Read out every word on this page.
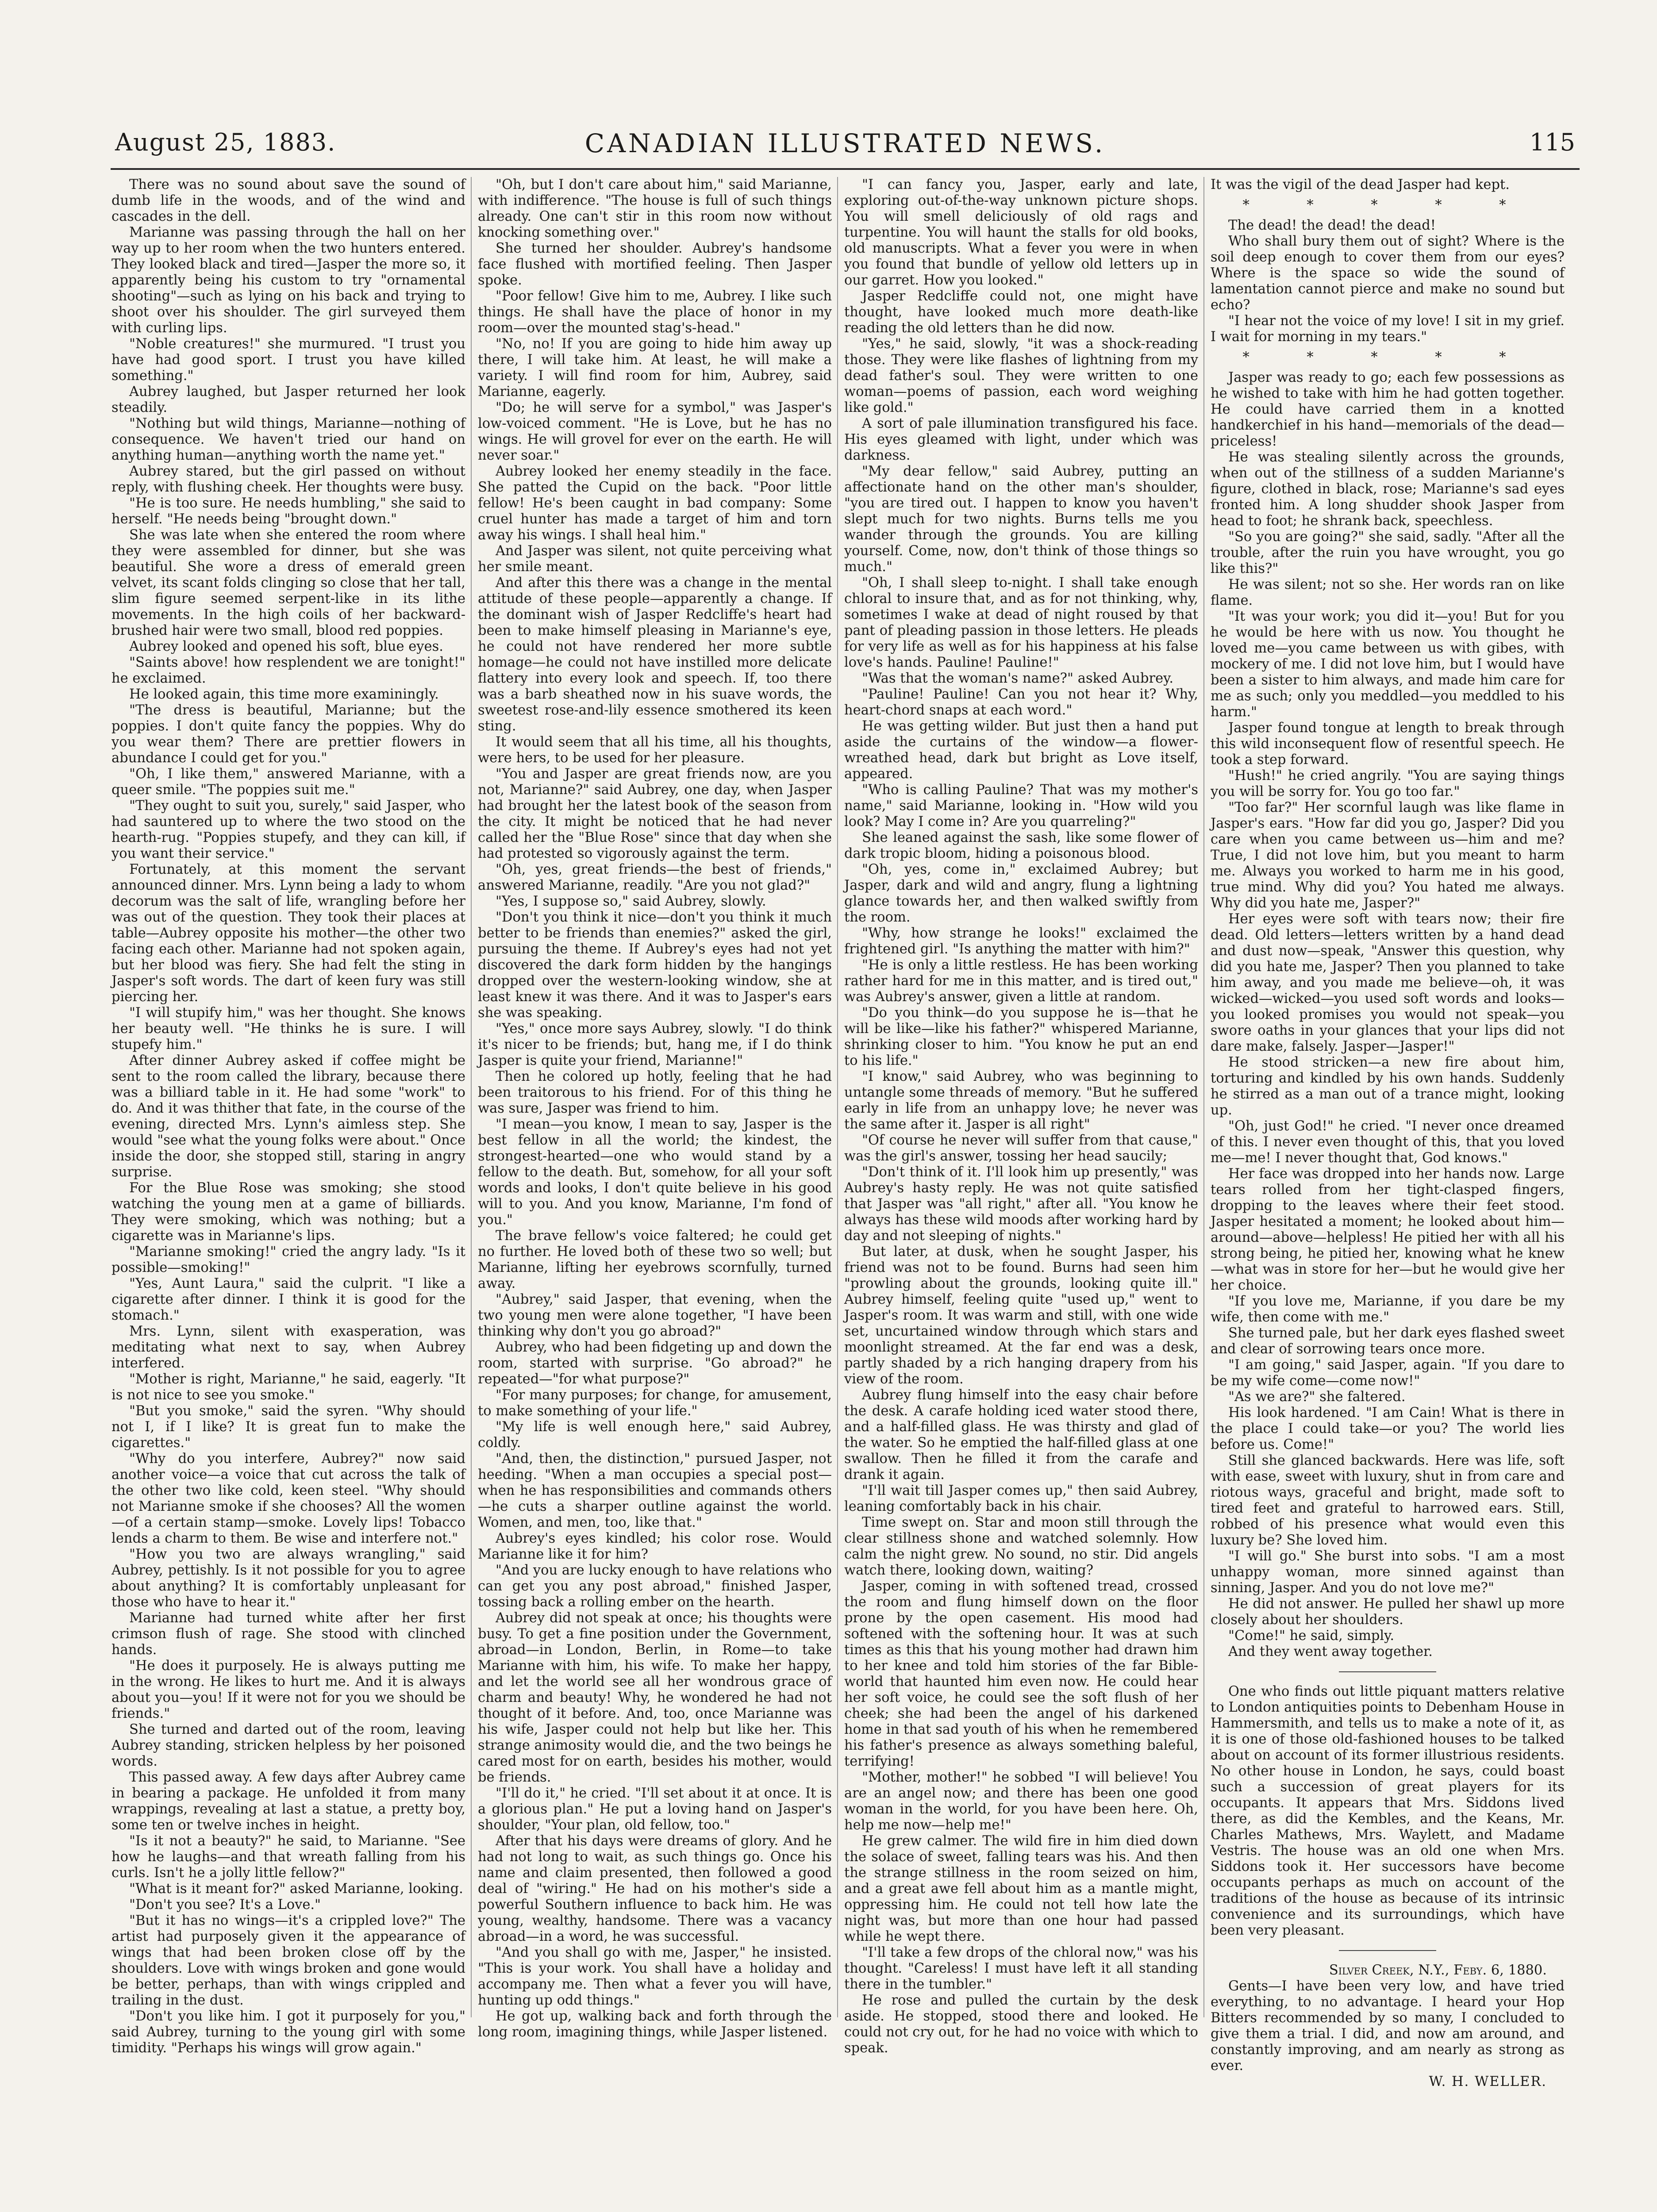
August 25, 1883.	CANADIAN ILLUSTRATED NEWS.	115

There was no sound about save the sound of dumb life in the woods, and of the wind and cascades in the dell.

Marianne was passing through the hall on her way up to her room when the two hunters entered. They looked black and tired—Jasper the more so, it apparently being his custom to try "ornamental shooting"—such as lying on his back and trying to shoot over his shoulder. The girl surveyed them with curling lips.

"Noble creatures!" she murmured. "I trust you have had good sport. I trust you have killed something."

Aubrey laughed, but Jasper returned her look steadily.

"Nothing but wild things, Marianne—nothing of consequence. We haven't tried our hand on anything human—anything worth the name yet."

Aubrey stared, but the girl passed on without reply, with flushing cheek. Her thoughts were busy.

"He is too sure. He needs humbling," she said to herself. "He needs being "brought down."

She was late when she entered the room where they were assembled for dinner, but she was beautiful. She wore a dress of emerald green velvet, its scant folds clinging so close that her tall, slim figure seemed serpent-like in its lithe movements. In the high coils of her backward-brushed hair were two small, blood red poppies.

Aubrey looked and opened his soft, blue eyes.

"Saints above! how resplendent we are tonight!" he exclaimed.

He looked again, this time more examiningly.

"The dress is beautiful, Marianne; but the poppies. I don't quite fancy the poppies. Why do you wear them? There are prettier flowers in abundance I could get for you."

"Oh, I like them," answered Marianne, with a queer smile. "The poppies suit me."

"They ought to suit you, surely," said Jasper, who had sauntered up to where the two stood on the hearth-rug. "Poppies stupefy, and they can kill, if you want their service."

Fortunately, at this moment the servant announced dinner. Mrs. Lynn being a lady to whom decorum was the salt of life, wrangling before her was out of the question. They took their places at table—Aubrey opposite his mother—the other two facing each other. Marianne had not spoken again, but her blood was fiery. She had felt the sting in Jasper's soft words. The dart of keen fury was still piercing her.

"I will stupify him," was her thought. She knows her beauty well. "He thinks he is sure. I will stupefy him."

After dinner Aubrey asked if coffee might be sent to the room called the library, because there was a billiard table in it. He had some "work" to do. And it was thither that fate, in the course of the evening, directed Mrs. Lynn's aimless step. She would "see what the young folks were about." Once inside the door, she stopped still, staring in angry surprise.

For the Blue Rose was smoking; she stood watching the young men at a game of billiards. They were smoking, which was nothing; but a cigarette was in Marianne's lips.

"Marianne smoking!" cried the angry lady. "Is it possible—smoking!"

"Yes, Aunt Laura," said the culprit. "I like a cigarette after dinner. I think it is good for the stomach."

Mrs. Lynn, silent with exasperation, was meditating what next to say, when Aubrey interfered.

"Mother is right, Marianne," he said, eagerly. "It is not nice to see you smoke."

"But you smoke," said the syren. "Why should not I, if I like? It is great fun to make the cigarettes."

"Why do you interfere, Aubrey?" now said another voice—a voice that cut across the talk of the other two like cold, keen steel. "Why should not Marianne smoke if she chooses? All the women—of a certain stamp—smoke. Lovely lips! Tobacco lends a charm to them. Be wise and interfere not."

"How you two are always wrangling," said Aubrey, pettishly. Is it not possible for you to agree about anything? It is comfortably unpleasant for those who have to hear it."

Marianne had turned white after her first crimson flush of rage. She stood with clinched hands.

"He does it purposely. He is always putting me in the wrong. He likes to hurt me. And it is always about you—you! If it were not for you we should be friends."

She turned and darted out of the room, leaving Aubrey standing, stricken helpless by her poisoned words.

This passed away. A few days after Aubrey came in bearing a package. He unfolded it from many wrappings, revealing at last a statue, a pretty boy, some ten or twelve inches in height.

"Is it not a beauty?" he said, to Marianne. "See how he laughs—and that wreath falling from his curls. Isn't he a jolly little fellow?"

"What is it meant for?" asked Marianne, looking.

"Don't you see? It's a Love."

"But it has no wings—it's a crippled love?" The artist had purposely given it the appearance of wings that had been broken close off by the shoulders. Love with wings broken and gone would be better, perhaps, than with wings crippled and trailing in the dust.

"Don't you like him. I got it purposely for you," said Aubrey, turning to the young girl with some timidity. "Perhaps his wings will grow again."

"Oh, but I don't care about him," said Marianne, with indifference. "The house is full of such things already. One can't stir in this room now without knocking something over."

She turned her shoulder. Aubrey's handsome face flushed with mortified feeling. Then Jasper spoke.

"Poor fellow! Give him to me, Aubrey. I like such things. He shall have the place of honor in my room—over the mounted stag's-head."

"No, no! If you are going to hide him away up there, I will take him. At least, he will make a variety. I will find room for him, Aubrey, said Marianne, eagerly.

"Do; he will serve for a symbol," was Jasper's low-voiced comment. "He is Love, but he has no wings. He will grovel for ever on the earth. He will never soar."

Aubrey looked her enemy steadily in the face. She patted the Cupid on the back. "Poor little fellow! He's been caught in bad company: Some cruel hunter has made a target of him and torn away his wings. I shall heal him."

And Jasper was silent, not quite perceiving what her smile meant.

And after this there was a change in the mental attitude of these people—apparently a change. If the dominant wish of Jasper Redcliffe's heart had been to make himself pleasing in Marianne's eye, he could not have rendered her more subtle homage—he could not have instilled more delicate flattery into every look and speech. If, too there was a barb sheathed now in his suave words, the sweetest rose-and-lily essence smothered its keen sting.

It would seem that all his time, all his thoughts, were hers, to be used for her pleasure.

"You and Jasper are great friends now, are you not, Marianne?" said Aubrey, one day, when Jasper had brought her the latest book of the season from the city. It might be noticed that he had never called her the "Blue Rose" since that day when she had protested so vigorously against the term.

"Oh, yes, great friends—the best of friends," answered Marianne, readily. "Are you not glad?"

"Yes, I suppose so," said Aubrey, slowly.

"Don't you think it nice—don't you think it much better to be friends than enemies?" asked the girl, pursuing the theme. If Aubrey's eyes had not yet discovered the dark form hidden by the hangings dropped over the western-looking window, she at least knew it was there. And it was to Jasper's ears she was speaking.

"Yes," once more says Aubrey, slowly. "I do think it's nicer to be friends; but, hang me, if I do think Jasper is quite your friend, Marianne!"

Then he colored up hotly, feeling that he had been traitorous to his friend. For of this thing he was sure, Jasper was friend to him.

"I mean—you know, I mean to say, Jasper is the best fellow in all the world; the kindest, the strongest-hearted—one who would stand by a fellow to the death. But, somehow, for all your soft words and looks, I don't quite believe in his good will to you. And you know, Marianne, I'm fond of you."

The brave fellow's voice faltered; he could get no further. He loved both of these two so well; but Marianne, lifting her eyebrows scornfully, turned away.

"Aubrey," said Jasper, that evening, when the two young men were alone together, "I have been thinking why don't you go abroad?"

Aubrey, who had been fidgeting up and down the room, started with surprise. "Go abroad?" he repeated—"for what purpose?"

"For many purposes; for change, for amusement, to make something of your life."

"My life is well enough here," said Aubrey, coldly.

"And, then, the distinction," pursued Jasper, not heeding. "When a man occupies a special post—when he has responsibilities and commands others—he cuts a sharper outline against the world. Women, and men, too, like that."

Aubrey's eyes kindled; his color rose. Would Marianne like it for him?

"And you are lucky enough to have relations who can get you any post abroad," finished Jasper, tossing back a rolling ember on the hearth.

Aubrey did not speak at once; his thoughts were busy. To get a fine position under the Government, abroad—in London, Berlin, in Rome—to take Marianne with him, his wife. To make her happy, and let the world see all her wondrous grace of charm and beauty! Why, he wondered he had not thought of it before. And, too, once Marianne was his wife, Jasper could not help but like her. This strange animosity would die, and the two beings he cared most for on earth, besides his mother, would be friends.

"I'll do it," he cried. "I'll set about it at once. It is a glorious plan." He put a loving hand on Jasper's shoulder, "Your plan, old fellow, too."

After that his days were dreams of glory. And he had not long to wait, as such things go. Once his name and claim presented, then followed a good deal of "wiring." He had on his mother's side a powerful Southern influence to back him. He was young, wealthy, handsome. There was a vacancy abroad—in a word, he was successful.

"And you shall go with me, Jasper," he insisted. "This is your work. You shall have a holiday and accompany me. Then what a fever you will have, hunting up odd things."

He got up, walking back and forth through the long room, imagining things, while Jasper listened.

"I can fancy you, Jasper, early and late, exploring out-of-the-way unknown picture shops. You will smell deliciously of old rags and turpentine. You will haunt the stalls for old books, old manuscripts. What a fever you were in when you found that bundle of yellow old letters up in our garret. How you looked."

Jasper Redcliffe could not, one might have thought, have looked much more death-like reading the old letters than he did now.

"Yes," he said, slowly, "it was a shock-reading those. They were like flashes of lightning from my dead father's soul. They were written to one woman—poems of passion, each word weighing like gold."

A sort of pale illumination transfigured his face. His eyes gleamed with light, under which was darkness.

"My dear fellow," said Aubrey, putting an affectionate hand on the other man's shoulder, "you are tired out. I happen to know you haven't slept much for two nights. Burns tells me you wander through the grounds. You are killing yourself. Come, now, don't think of those things so much."

"Oh, I shall sleep to-night. I shall take enough chloral to insure that, and as for not thinking, why, sometimes I wake at dead of night roused by that pant of pleading passion in those letters. He pleads for very life as well as for his happiness at his false love's hands. Pauline! Pauline!"

"Was that the woman's name?" asked Aubrey.

"Pauline! Pauline! Can you not hear it? Why, heart-chord snaps at each word."

He was getting wilder. But just then a hand put aside the curtains of the window—a flower-wreathed head, dark but bright as Love itself, appeared.

"Who is calling Pauline? That was my mother's name," said Marianne, looking in. "How wild you look? May I come in? Are you quarreling?"

She leaned against the sash, like some flower of dark tropic bloom, hiding a poisonous blood.

"Oh, yes, come in," exclaimed Aubrey; but Jasper, dark and wild and angry, flung a lightning glance towards her, and then walked swiftly from the room.

"Why, how strange he looks!" exclaimed the frightened girl. "Is anything the matter with him?"

"He is only a little restless. He has been working rather hard for me in this matter, and is tired out," was Aubrey's answer, given a little at random.

"Do you think—do you suppose he is—that he will be like—like his father?" whispered Marianne, shrinking closer to him. "You know he put an end to his life."

"I know," said Aubrey, who was beginning to untangle some threads of memory. "But he suffered early in life from an unhappy love; he never was the same after it. Jasper is all right"

"Of course he never will suffer from that cause," was the girl's answer, tossing her head saucily;

"Don't think of it. I'll look him up presently," was Aubrey's hasty reply. He was not quite satisfied that Jasper was "all right," after all. "You know he always has these wild moods after working hard by day and not sleeping of nights."

But later, at dusk, when he sought Jasper, his friend was not to be found. Burns had seen him "prowling about the grounds, looking quite ill." Aubrey himself, feeling quite "used up," went to Jasper's room. It was warm and still, with one wide set, uncurtained window through which stars and moonlight streamed. At the far end was a desk, partly shaded by a rich hanging drapery from his view of the room.

Aubrey flung himself into the easy chair before the desk. A carafe holding iced water stood there, and a half-filled glass. He was thirsty and glad of the water. So he emptied the half-filled glass at one swallow. Then he filled it from the carafe and drank it again.

"I'll wait till Jasper comes up," then said Aubrey, leaning comfortably back in his chair.

Time swept on. Star and moon still through the clear stillness shone and watched solemnly. How calm the night grew. No sound, no stir. Did angels watch there, looking down, waiting?

Jasper, coming in with softened tread, crossed the room and flung himself down on the floor prone by the open casement. His mood had softened with the softening hour. It was at such times as this that his young mother had drawn him to her knee and told him stories of the far Bible-world that haunted him even now. He could hear her soft voice, he could see the soft flush of her cheek; she had been the angel of his darkened home in that sad youth of his when he remembered his father's presence as always something baleful, terrifying!

"Mother, mother!" he sobbed "I will believe! You are an angel now; and there has been one good woman in the world, for you have been here. Oh, help me now—help me!"

He grew calmer. The wild fire in him died down the solace of sweet, falling tears was his. And then the strange stillness in the room seized on him, and a great awe fell about him as a mantle might, oppressing him. He could not tell how late the night was, but more than one hour had passed while he wept there.

"I'll take a few drops of the chloral now," was his thought. "Careless! I must have left it all standing there in the tumbler."

He rose and pulled the curtain by the desk aside. He stopped, stood there and looked. He could not cry out, for he had no voice with which to speak.

It was the vigil of the dead Jasper had kept.

* * * * *

The dead! the dead! the dead!

Who shall bury them out of sight? Where is the soil deep enough to cover them from our eyes? Where is the space so wide the sound of lamentation cannot pierce and make no sound but echo?

"I hear not the voice of my love! I sit in my grief. I wait for morning in my tears."

* * * * *

Jasper was ready to go; each few possessions as he wished to take with him he had gotten together. He could have carried them in a knotted handkerchief in his hand—memorials of the dead—priceless!

He was stealing silently across the grounds, when out of the stillness of a sudden Marianne's figure, clothed in black, rose; Marianne's sad eyes fronted him. A long shudder shook Jasper from head to foot; he shrank back, speechless.

"So you are going?" she said, sadly. "After all the trouble, after the ruin you have wrought, you go like this?"

He was silent; not so she. Her words ran on like flame.

"It was your work; you did it—you! But for you he would be here with us now. You thought he loved me—you came between us with gibes, with mockery of me. I did not love him, but I would have been a sister to him always, and made him care for me as such; only you meddled—you meddled to his harm."

Jasper found tongue at length to break through this wild inconsequent flow of resentful speech. He took a step forward.

"Hush!" he cried angrily. "You are saying things you will be sorry for. You go too far."

"Too far?" Her scornful laugh was like flame in Jasper's ears. "How far did you go, Jasper? Did you care when you came between us—him and me? True, I did not love him, but you meant to harm me. Always you worked to harm me in his good, true mind. Why did you? You hated me always. Why did you hate me, Jasper?"

Her eyes were soft with tears now; their fire dead. Old letters—letters written by a hand dead and dust now—speak, "Answer this question, why did you hate me, Jasper? Then you planned to take him away, and you made me believe—oh, it was wicked—wicked—you used soft words and looks—you looked promises you would not speak—you swore oaths in your glances that your lips did not dare make, falsely. Jasper—Jasper!"

He stood stricken—a new fire about him, torturing and kindled by his own hands. Suddenly he stirred as a man out of a trance might, looking up.

"Oh, just God!" he cried. "I never once dreamed of this. I never even thought of this, that you loved me—me! I never thought that, God knows."

Her face was dropped into her hands now. Large tears rolled from her tight-clasped fingers, dropping to the leaves where their feet stood. Jasper hesitated a moment; he looked about him—around—above—helpless! He pitied her with all his strong being, he pitied her, knowing what he knew—what was in store for her—but he would give her her choice.

"If you love me, Marianne, if you dare be my wife, then come with me."

She turned pale, but her dark eyes flashed sweet and clear of sorrowing tears once more.

"I am going," said Jasper, again. "If you dare to be my wife come—come now!"

"As we are?" she faltered.

His look hardened. "I am Cain! What is there in the place I could take—or you? The world lies before us. Come!"

Still she glanced backwards. Here was life, soft with ease, sweet with luxury, shut in from care and riotous ways, graceful and bright, made soft to tired feet and grateful to harrowed ears. Still, robbed of his presence what would even this luxury be? She loved him.

"I will go." She burst into sobs. "I am a most unhappy woman, more sinned against than sinning, Jasper. And you do not love me?"

He did not answer. He pulled her shawl up more closely about her shoulders.

"Come!" he said, simply.

And they went away together.

One who finds out little piquant matters relative to London antiquities points to Debenham House in Hammersmith, and tells us to make a note of it, as it is one of those old-fashioned houses to be talked about on account of its former illustrious residents. No other house in London, he says, could boast such a succession of great players for its occupants. It appears that Mrs. Siddons lived there, as did the Kembles, and the Keans, Mr. Charles Mathews, Mrs. Waylett, and Madame Vestris. The house was an old one when Mrs. Siddons took it. Her successors have become occupants perhaps as much on account of the traditions of the house as because of its intrinsic convenience and its surroundings, which have been very pleasant.

Silver Creek, N.Y., Feby. 6, 1880.

Gents—I have been very low, and have tried everything, to no advantage. I heard your Hop Bitters recommended by so many, I concluded to give them a trial. I did, and now am around, and constantly improving, and am nearly as strong as ever.

W. H. WELLER.
